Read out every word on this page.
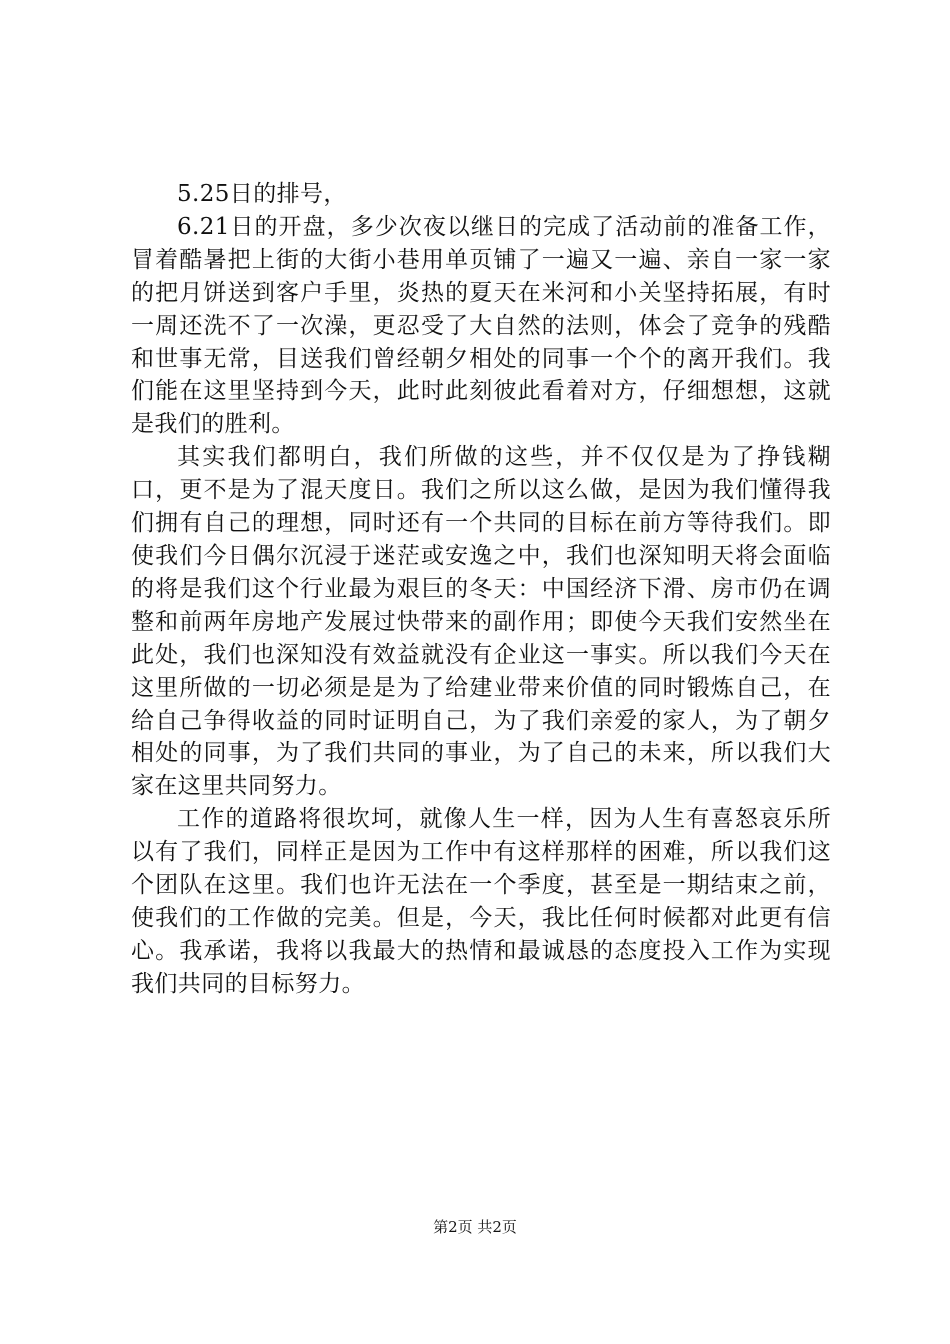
5.25日的排号，

6.21日的开盘，多少次夜以继日的完成了活动前的准备工作，冒着酷暑把上街的大街小巷用单页铺了一遍又一遍、亲自一家一家的把月饼送到客户手里，炎热的夏天在米河和小关坚持拓展，有时一周还洗不了一次澡，更忍受了大自然的法则，体会了竞争的残酷和世事无常，目送我们曾经朝夕相处的同事一个个的离开我们。我们能在这里坚持到今天，此时此刻彼此看着对方，仔细想想，这就是我们的胜利。

其实我们都明白，我们所做的这些，并不仅仅是为了挣钱糊口，更不是为了混天度日。我们之所以这么做，是因为我们懂得我们拥有自己的理想，同时还有一个共同的目标在前方等待我们。即使我们今日偶尔沉浸于迷茫或安逸之中，我们也深知明天将会面临的将是我们这个行业最为艰巨的冬天：中国经济下滑、房市仍在调整和前两年房地产发展过快带来的副作用；即使今天我们安然坐在此处，我们也深知没有效益就没有企业这一事实。所以我们今天在这里所做的一切必须是是为了给建业带来价值的同时锻炼自己，在给自己争得收益的同时证明自己，为了我们亲爱的家人，为了朝夕相处的同事，为了我们共同的事业，为了自己的未来，所以我们大家在这里共同努力。

工作的道路将很坎坷，就像人生一样，因为人生有喜怒哀乐所以有了我们，同样正是因为工作中有这样那样的困难，所以我们这个团队在这里。我们也许无法在一个季度，甚至是一期结束之前，使我们的工作做的完美。但是，今天，我比任何时候都对此更有信心。我承诺，我将以我最大的热情和最诚恳的态度投入工作为实现我们共同的目标努力。

第2页 共2页
